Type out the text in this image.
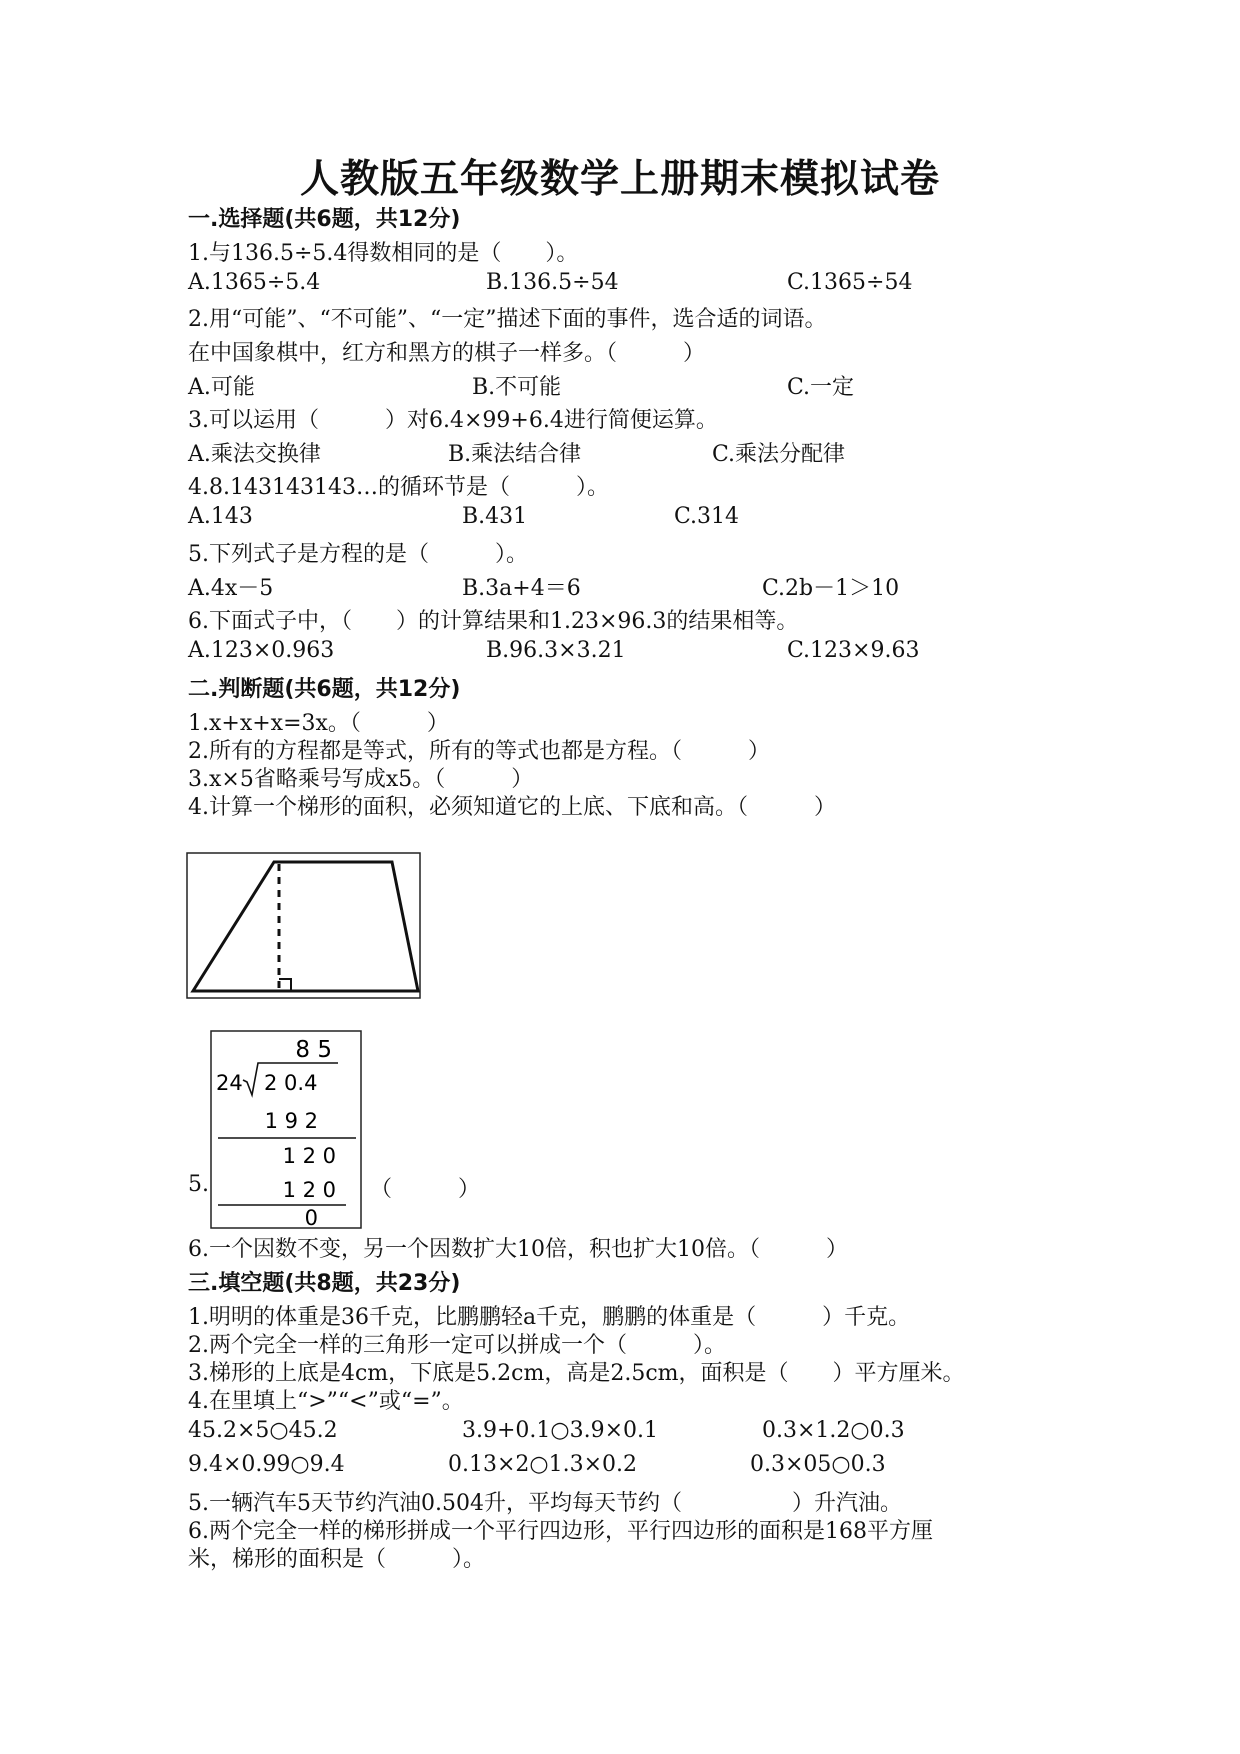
人教版五年级数学上册期末模拟试卷
一.选择题(共6题，共12分)
1.与136.5÷5.4得数相同的是（　　）。
A.1365÷5.4	B.136.5÷54	C.1365÷54
2.用“可能”、“不可能”、“一定”描述下面的事件，选合适的词语。
在中国象棋中，红方和黑方的棋子一样多。（　　　）
A.可能	B.不可能	C.一定
3.可以运用（　　　）对6.4×99+6.4进行简便运算。
A.乘法交换律	B.乘法结合律	C.乘法分配律
4.8.143143143…的循环节是（　　　）。
A.143	B.431	C.314
5.下列式子是方程的是（　　　）。
A.4x－5	B.3a+4＝6	C.2b－1＞10
6.下面式子中，（　　）的计算结果和1.23×96.3的结果相等。
A.123×0.963	B.96.3×3.21	C.123×9.63
二.判断题(共6题，共12分)
1.x+x+x=3x。（　　　）
2.所有的方程都是等式，所有的等式也都是方程。（　　　）
3.x×5省略乘号写成x5。（　　　）
4.计算一个梯形的面积，必须知道它的上底、下底和高。（　　　）
5.	（　　　）
8 5
24 2 0.4
1 9 2
1 2 0
1 2 0
0
6.一个因数不变，另一个因数扩大10倍，积也扩大10倍。（　　　）
三.填空题(共8题，共23分)
1.明明的体重是36千克，比鹏鹏轻a千克，鹏鹏的体重是（　　　）千克。
2.两个完全一样的三角形一定可以拼成一个（　　　）。
3.梯形的上底是4cm，下底是5.2cm，高是2.5cm，面积是（　　）平方厘米。
4.在里填上“>”“<”或“=”。
45.2×5○45.2	3.9+0.1○3.9×0.1	0.3×1.2○0.3
9.4×0.99○9.4	0.13×2○1.3×0.2	0.3×05○0.3
5.一辆汽车5天节约汽油0.504升，平均每天节约（　　　　　）升汽油。
6.两个完全一样的梯形拼成一个平行四边形，平行四边形的面积是168平方厘
米，梯形的面积是（　　　）。
